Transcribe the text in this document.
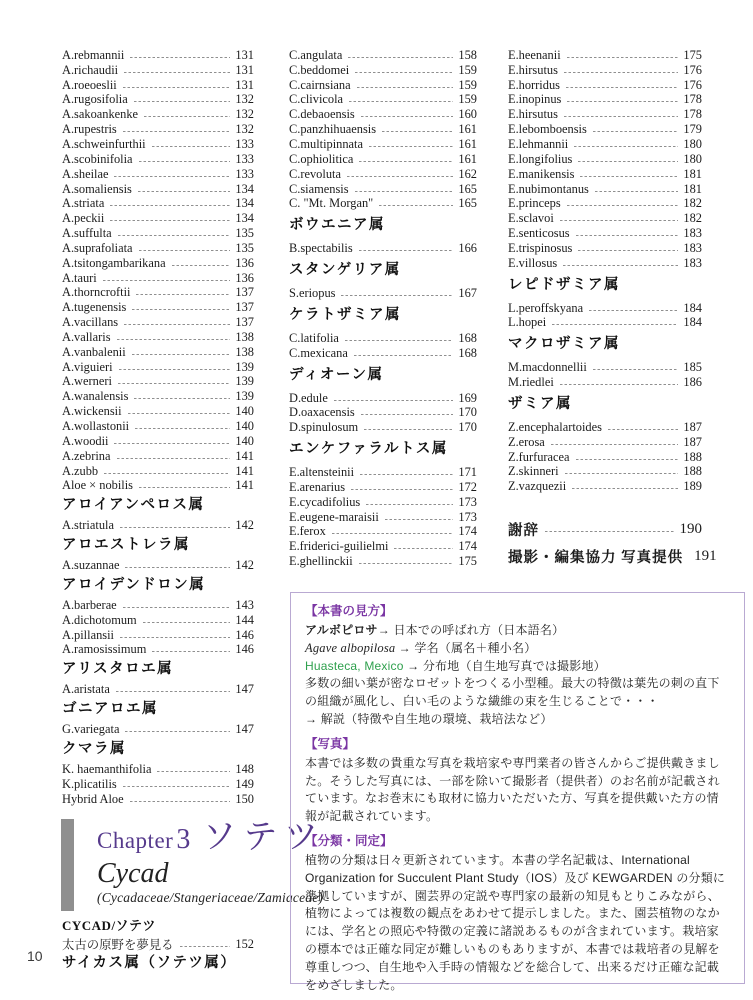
A.rebmannii	131
A.richaudii	131
A.roeoeslii	131
A.rugosifolia	132
A.sakoankenke	132
A.rupestris	132
A.schweinfurthii	133
A.scobinifolia	133
A.sheilae	133
A.somaliensis	134
A.striata	134
A.peckii	134
A.suffulta	135
A.suprafoliata	135
A.tsitongambarikana	136
A.tauri	136
A.thorncroftii	137
A.tugenensis	137
A.vacillans	137
A.vallaris	138
A.vanbalenii	138
A.viguieri	139
A.werneri	139
A.wanalensis	139
A.wickensii	140
A.wollastonii	140
A.woodii	140
A.zebrina	141
A.zubb	141
Aloe × nobilis	141
アロイアンペロス属
A.striatula	142
アロエストレラ属
A.suzannae	142
アロイデンドロン属
A.barberae	143
A.dichotomum	144
A.pillansii	146
A.ramosissimum	146
アリスタロエ属
A.aristata	147
ゴニアロエ属
G.variegata	147
クマラ属
K. haemanthifolia	148
K.plicatilis	149
Hybrid Aloe	150
Chapter 3 ソテツ
Cycad
(Cycadaceae/Stangeriaceae/Zamiaceae)
CYCAD/ソテツ
太古の原野を夢見る	152
サイカス属（ソテツ属）
C.angulata	158
C.beddomei	159
C.cairnsiana	159
C.clivicola	159
C.debaoensis	160
C.panzhihuaensis	161
C.multipinnata	161
C.ophiolitica	161
C.revoluta	162
C.siamensis	165
C. "Mt. Morgan"	165
ボウエニア属
B.spectabilis	166
スタンゲリア属
S.eriopus	167
ケラトザミア属
C.latifolia	168
C.mexicana	168
ディオーン属
D.edule	169
D.oaxacensis	170
D.spinulosum	170
エンケファラルトス属
E.altensteinii	171
E.arenarius	172
E.cycadifolius	173
E.eugene-maraisii	173
E.ferox	174
E.friderici-guilielmi	174
E.ghellinckii	175
E.heenanii	175
E.hirsutus	176
E.horridus	176
E.inopinus	178
E.hirsutus	178
E.lebomboensis	179
E.lehmannii	180
E.longifolius	180
E.manikensis	181
E.nubimontanus	181
E.princeps	182
E.sclavoi	182
E.senticosus	183
E.trispinosus	183
E.villosus	183
レピドザミア属
L.peroffskyana	184
L.hopei	184
マクロザミア属
M.macdonnellii	185
M.riedlei	186
ザミア属
Z.encephalartoides	187
Z.erosa	187
Z.furfuracea	188
Z.skinneri	188
Z.vazquezii	189
謝辞	190
撮影・編集協力 写真提供 191
【本書の見方】

アルボピロサ→ 日本での呼ばれ方（日本語名）

Agave albopilosa → 学名（属名＋種小名）

Huasteca, Mexico → 分布地（自生地写真では撮影地）

多数の細い葉が密なロゼットをつくる小型種。最大の特徴は葉先の刺の直下の組織が風化し、白い毛のような繊維の束を生じることで・・・

→ 解説（特徴や自生地の環境、栽培法など）

【写真】

本書では多数の貴重な写真を栽培家や専門業者の皆さんからご提供戴きました。そうした写真には、一部を除いて撮影者（提供者）のお名前が記載されています。なお巻末にも取材に協力いただいた方、写真を提供戴いた方の情報が記載されています。

【分類・同定】

植物の分類は日々更新されています。本書の学名記載は、International Organization for Succulent Plant Study（IOS）及び KEWGARDEN の分類に準拠していますが、園芸界の定説や専門家の最新の知見もとりこみながら、植物によっては複数の観点をあわせて提示しました。また、園芸植物のなかには、学名との照応や特徴の定義に諸説あるものが含まれています。栽培家の標本では正確な同定が難しいものもありますが、本書では栽培者の見解を尊重しつつ、自生地や入手時の情報などを総合して、出来るだけ正確な記載をめざしました。

10
